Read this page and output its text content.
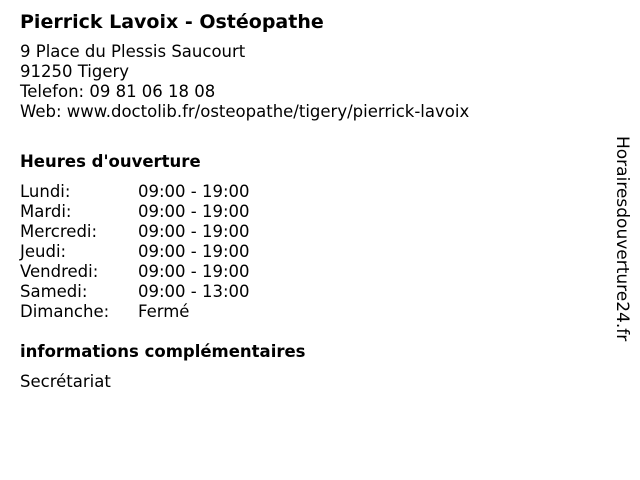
Pierrick Lavoix - Ostéopathe
9 Place du Plessis Saucourt
91250 Tigery
Telefon: 09 81 06 18 08
Web: www.doctolib.fr/osteopathe/tigery/pierrick-lavoix
Heures d'ouverture
Lundi:	09:00 - 19:00
Mardi:	09:00 - 19:00
Mercredi:	09:00 - 19:00
Jeudi:	09:00 - 19:00
Vendredi:	09:00 - 19:00
Samedi:	09:00 - 13:00
Dimanche:	Fermé
informations complémentaires
Secrétariat
Horairesdouverture24.fr
